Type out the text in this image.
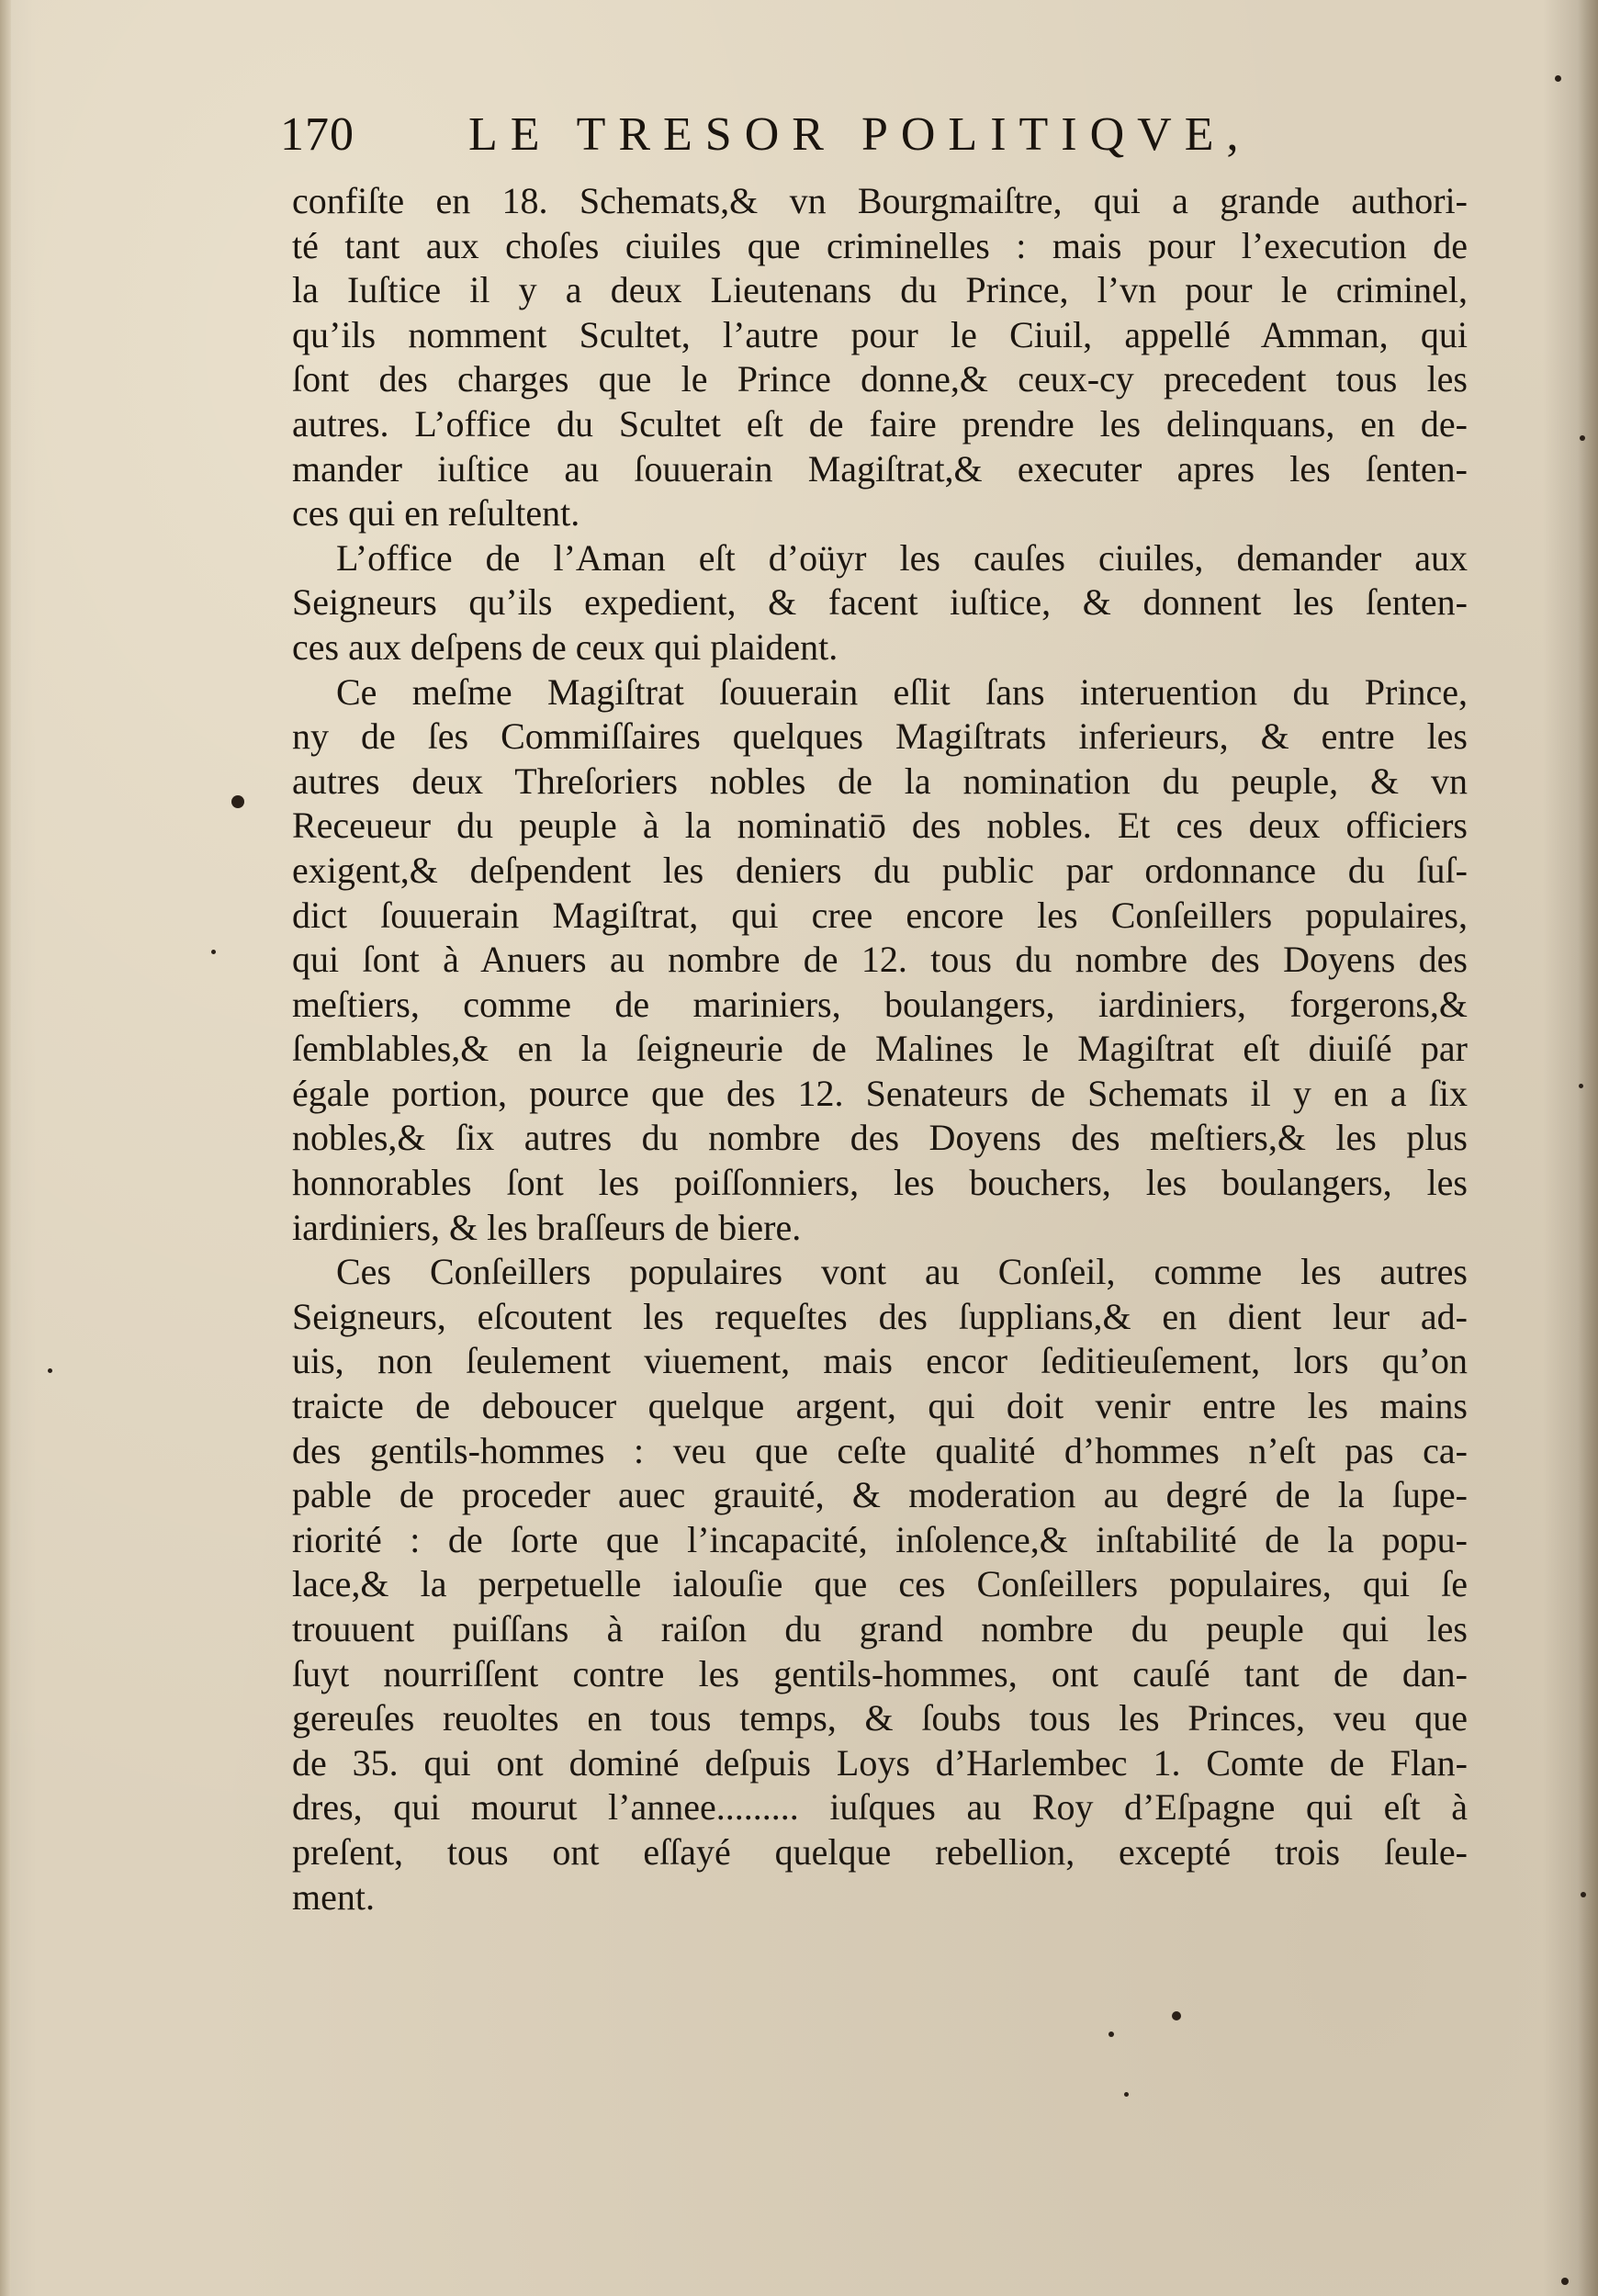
170 LE TRESOR POLITIQVE,
confiſte en 18. Schemats,& vn Bourgmaiſtre, qui a grande authori-
té tant aux choſes ciuiles que criminelles : mais pour l’execution de
la Iuſtice il y a deux Lieutenans du Prince, l’vn pour le criminel,
qu’ils nomment Scultet, l’autre pour le Ciuil, appellé Amman, qui
ſont des charges que le Prince donne,& ceux-cy precedent tous les
autres. L’office du Scultet eſt de faire prendre les delinquans, en de-
mander iuſtice au ſouuerain Magiſtrat,& executer apres les ſenten-
ces qui en reſultent.
L’office de l’Aman eſt d’oüyr les cauſes ciuiles, demander aux
Seigneurs qu’ils expedient, & facent iuſtice, & donnent les ſenten-
ces aux deſpens de ceux qui plaident.
Ce meſme Magiſtrat ſouuerain eſlit ſans interuention du Prince,
ny de ſes Commiſſaires quelques Magiſtrats inferieurs, & entre les
autres deux Threſoriers nobles de la nomination du peuple, & vn
Receueur du peuple à la nominatiō des nobles. Et ces deux officiers
exigent,& deſpendent les deniers du public par ordonnance du ſuſ-
dict ſouuerain Magiſtrat, qui cree encore les Conſeillers populaires,
qui ſont à Anuers au nombre de 12. tous du nombre des Doyens des
meſtiers, comme de mariniers, boulangers, iardiniers, forgerons,&
ſemblables,& en la ſeigneurie de Malines le Magiſtrat eſt diuiſé par
égale portion, pource que des 12. Senateurs de Schemats il y en a ſix
nobles,& ſix autres du nombre des Doyens des meſtiers,& les plus
honnorables ſont les poiſſonniers, les bouchers, les boulangers, les
iardiniers, & les braſſeurs de biere.
Ces Conſeillers populaires vont au Conſeil, comme les autres
Seigneurs, eſcoutent les requeſtes des ſupplians,& en dient leur ad-
uis, non ſeulement viuement, mais encor ſeditieuſement, lors qu’on
traicte de deboucer quelque argent, qui doit venir entre les mains
des gentils-hommes : veu que ceſte qualité d’hommes n’eſt pas ca-
pable de proceder auec grauité, & moderation au degré de la ſupe-
riorité : de ſorte que l’incapacité, inſolence,& inſtabilité de la popu-
lace,& la perpetuelle ialouſie que ces Conſeillers populaires, qui ſe
trouuent puiſſans à raiſon du grand nombre du peuple qui les
ſuyt nourriſſent contre les gentils-hommes, ont cauſé tant de dan-
gereuſes reuoltes en tous temps, & ſoubs tous les Princes, veu que
de 35. qui ont dominé deſpuis Loys d’Harlembec 1. Comte de Flan-
dres, qui mourut l’annee......... iuſques au Roy d’Eſpagne qui eſt à
preſent, tous ont eſſayé quelque rebellion, excepté trois ſeule-
ment.
